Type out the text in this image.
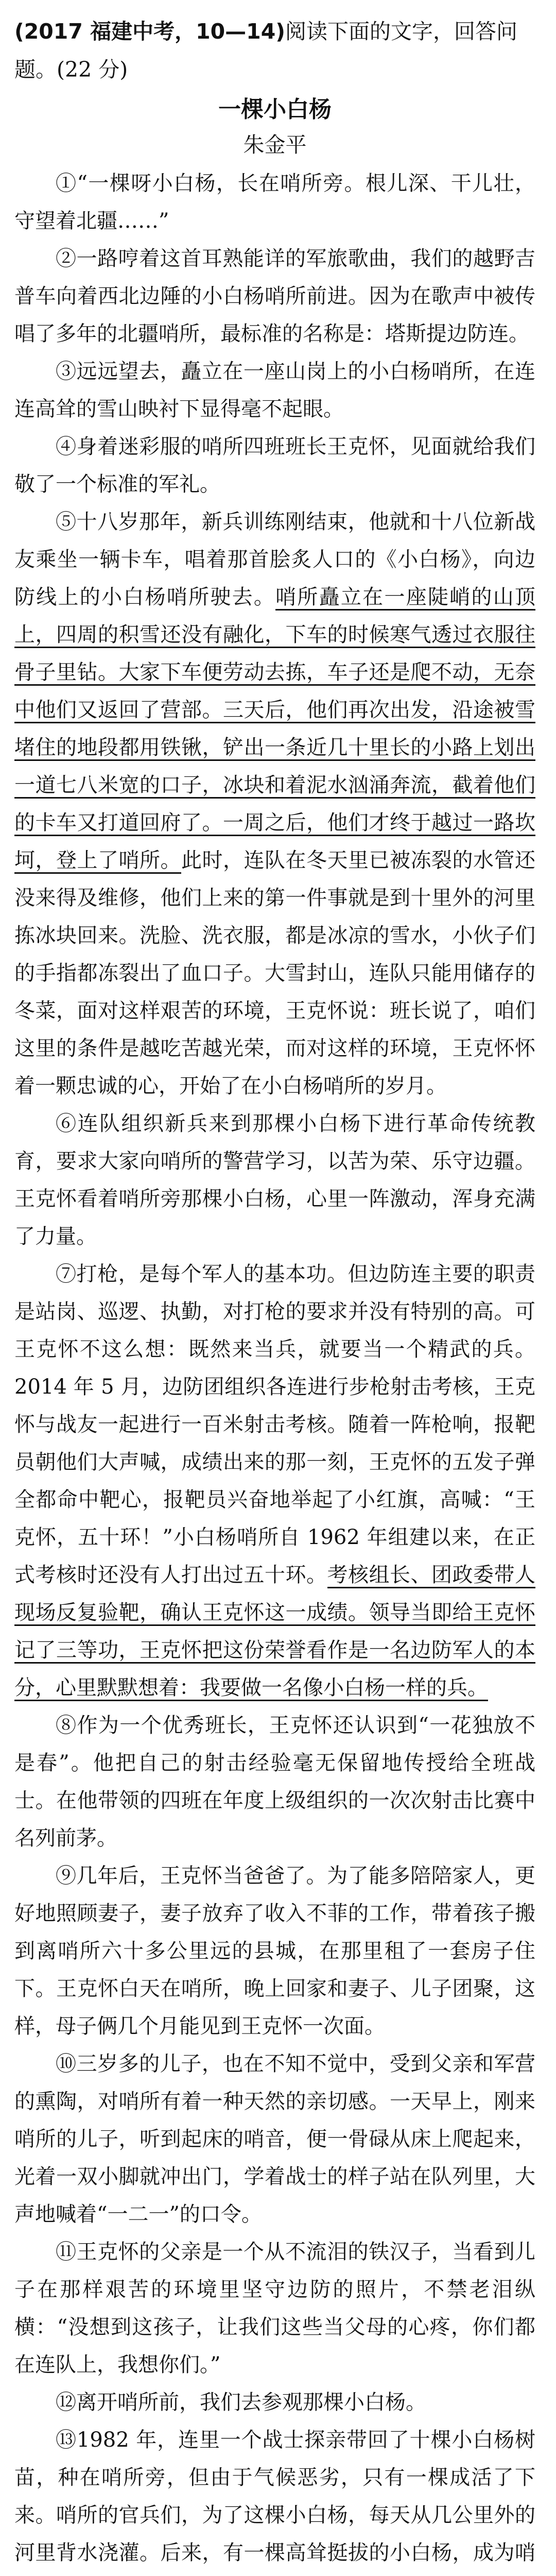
(2017 福建中考，10—14)阅读下面的文字，回答问题。(22 分)
一棵小白杨
朱金平

①“一棵呀小白杨，长在哨所旁。根儿深、干儿壮，守望着北疆……”

②一路哼着这首耳熟能详的军旅歌曲，我们的越野吉普车向着西北边陲的小白杨哨所前进。因为在歌声中被传唱了多年的北疆哨所，最标准的名称是：塔斯提边防连。

③远远望去，矗立在一座山岗上的小白杨哨所，在连连高耸的雪山映衬下显得毫不起眼。

④身着迷彩服的哨所四班班长王克怀，见面就给我们敬了一个标准的军礼。

⑤十八岁那年，新兵训练刚结束，他就和十八位新战友乘坐一辆卡车，唱着那首脍炙人口的《小白杨》，向边防线上的小白杨哨所驶去。哨所矗立在一座陡峭的山顶上，四周的积雪还没有融化，下车的时候寒气透过衣服往骨子里钻。大家下车便劳动去拣，车子还是爬不动，无奈中他们又返回了营部。三天后，他们再次出发，沿途被雪堵住的地段都用铁锹，铲出一条近几十里长的小路上划出一道七八米宽的口子，冰块和着泥水汹涌奔流，截着他们的卡车又打道回府了。一周之后，他们才终于越过一路坎坷，登上了哨所。此时，连队在冬天里已被冻裂的水管还没来得及维修，他们上来的第一件事就是到十里外的河里拣冰块回来。洗脸、洗衣服，都是冰凉的雪水，小伙子们的手指都冻裂出了血口子。大雪封山，连队只能用储存的冬菜，面对这样艰苦的环境，王克怀说：班长说了，咱们这里的条件是越吃苦越光荣，而对这样的环境，王克怀怀着一颗忠诚的心，开始了在小白杨哨所的岁月。

⑥连队组织新兵来到那棵小白杨下进行革命传统教育，要求大家向哨所的警营学习，以苦为荣、乐守边疆。王克怀看着哨所旁那棵小白杨，心里一阵激动，浑身充满了力量。

⑦打枪，是每个军人的基本功。但边防连主要的职责是站岗、巡逻、执勤，对打枪的要求并没有特别的高。可王克怀不这么想：既然来当兵，就要当一个精武的兵。2014 年 5 月，边防团组织各连进行步枪射击考核，王克怀与战友一起进行一百米射击考核。随着一阵枪响，报靶员朝他们大声喊，成绩出来的那一刻，王克怀的五发子弹全都命中靶心，报靶员兴奋地举起了小红旗，高喊：“王克怀，五十环！”小白杨哨所自 1962 年组建以来，在正式考核时还没有人打出过五十环。考核组长、团政委带人现场反复验靶，确认王克怀这一成绩。领导当即给王克怀记了三等功，王克怀把这份荣誉看作是一名边防军人的本分，心里默默想着：我要做一名像小白杨一样的兵。

⑧作为一个优秀班长，王克怀还认识到“一花独放不是春”。他把自己的射击经验毫无保留地传授给全班战士。在他带领的四班在年度上级组织的一次次射击比赛中名列前茅。

⑨几年后，王克怀当爸爸了。为了能多陪陪家人，更好地照顾妻子，妻子放弃了收入不菲的工作，带着孩子搬到离哨所六十多公里远的县城，在那里租了一套房子住下。王克怀白天在哨所，晚上回家和妻子、儿子团聚，这样，母子俩几个月能见到王克怀一次面。

⑩三岁多的儿子，也在不知不觉中，受到父亲和军营的熏陶，对哨所有着一种天然的亲切感。一天早上，刚来哨所的儿子，听到起床的哨音，便一骨碌从床上爬起来，光着一双小脚就冲出门，学着战士的样子站在队列里，大声地喊着“一二一”的口令。

⑪王克怀的父亲是一个从不流泪的铁汉子，当看到儿子在那样艰苦的环境里坚守边防的照片，不禁老泪纵横：“没想到这孩子，让我们这些当父母的心疼，你们都在连队上，我想你们。”

⑫离开哨所前，我们去参观那棵小白杨。

⑬1982 年，连里一个战士探亲带回了十棵小白杨树苗，种在哨所旁，但由于气候恶劣，只有一棵成活了下来。哨所的官兵们，为了这棵小白杨，每天从几公里外的河里背水浇灌。后来，有一棵高耸挺拔的小白杨，成为哨
